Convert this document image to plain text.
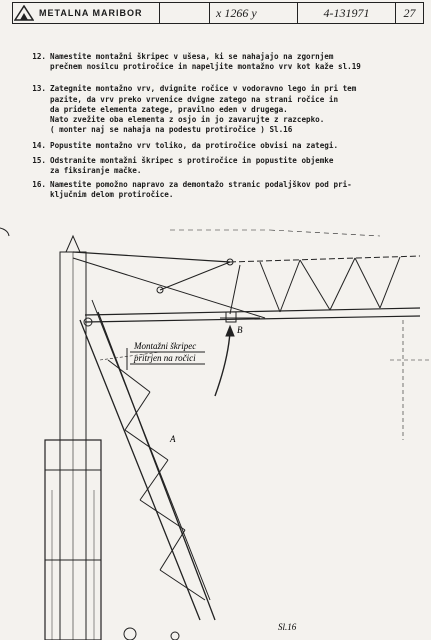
METALNA MARIBOR	x 1266 y	4-131971	27
12. Namestite montažni škripec v ušesa, ki se nahajajo na zgornjem
prečnem nosilcu protiročice in napeljite montažno vrv kot kaže sl.19
13. Zategnite montažno vrv, dvignite ročice v vodoravno lego in pri tem
pazite, da vrv preko vrvenice dvigne zatego na strani ročice in
da pridete elementa zatege, pravilno eden v drugega.
Nato zvežite oba elementa z osjo in jo zavarujte z razcepko.
( monter naj se nahaja na podestu protiročice ) Sl.16
14. Popustite montažno vrv toliko, da protiročice obvisi na zategi.
15. Odstranite montažni škripec s protiročice in popustite objemke
za fiksiranje mačke.
16. Namestite pomožno napravo za demontažo stranic podaljškov pod pri-
ključnim delom protiročice.
Montažni škripec
pritrjen na ročici
A
B
Sl.16
